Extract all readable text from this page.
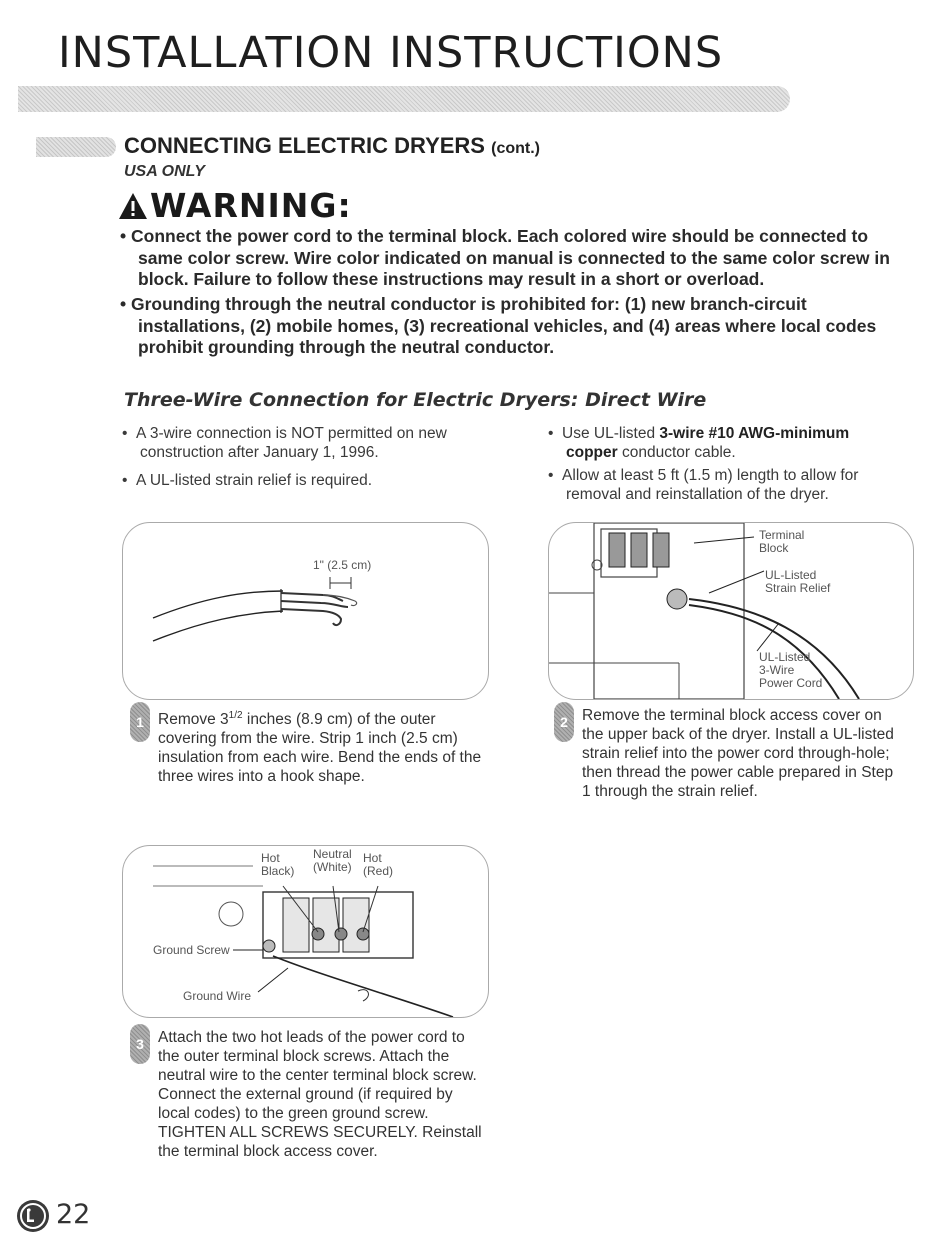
INSTALLATION INSTRUCTIONS
CONNECTING ELECTRIC DRYERS (cont.)
USA ONLY
WARNING:
• Connect the power cord to the terminal block. Each colored wire should be connected to same color screw. Wire color indicated on manual is connected to the same color screw in block. Failure to follow these instructions may result in a short or overload.
• Grounding through the neutral conductor is prohibited for: (1) new branch-circuit installations, (2) mobile homes, (3) recreational vehicles, and (4) areas where local codes prohibit grounding through the neutral conductor.
Three-Wire Connection for Electric Dryers: Direct Wire
•  A 3-wire connection is NOT permitted on new construction after January 1, 1996.
•  A UL-listed strain relief is required.
•  Use UL-listed 3-wire #10 AWG-minimum copper conductor cable.
•  Allow at least 5 ft (1.5 m) length to allow for removal and reinstallation of the dryer.
1" (2.5 cm)
1 Remove $3^{1/2}$ inches (8.9 cm) of the outer covering from the wire. Strip 1 inch (2.5 cm) insulation from each wire. Bend the ends of the three wires into a hook shape.
Terminal
Block
UL-Listed
Strain Relief
UL-Listed
3-Wire
Power Cord
2 Remove the terminal block access cover on the upper back of the dryer. Install a UL-listed strain relief into the power cord through-hole; then thread the power cable prepared in Step 1 through the strain relief.
Hot
Black)
Neutral
(White)
Hot
(Red)
Ground Screw
Ground Wire
3 Attach the two hot leads of the power cord to the outer terminal block screws. Attach the neutral wire to the center terminal block screw. Connect the external ground (if required by local codes) to the green ground screw. TIGHTEN ALL SCREWS SECURELY. Reinstall the terminal block access cover.
22
